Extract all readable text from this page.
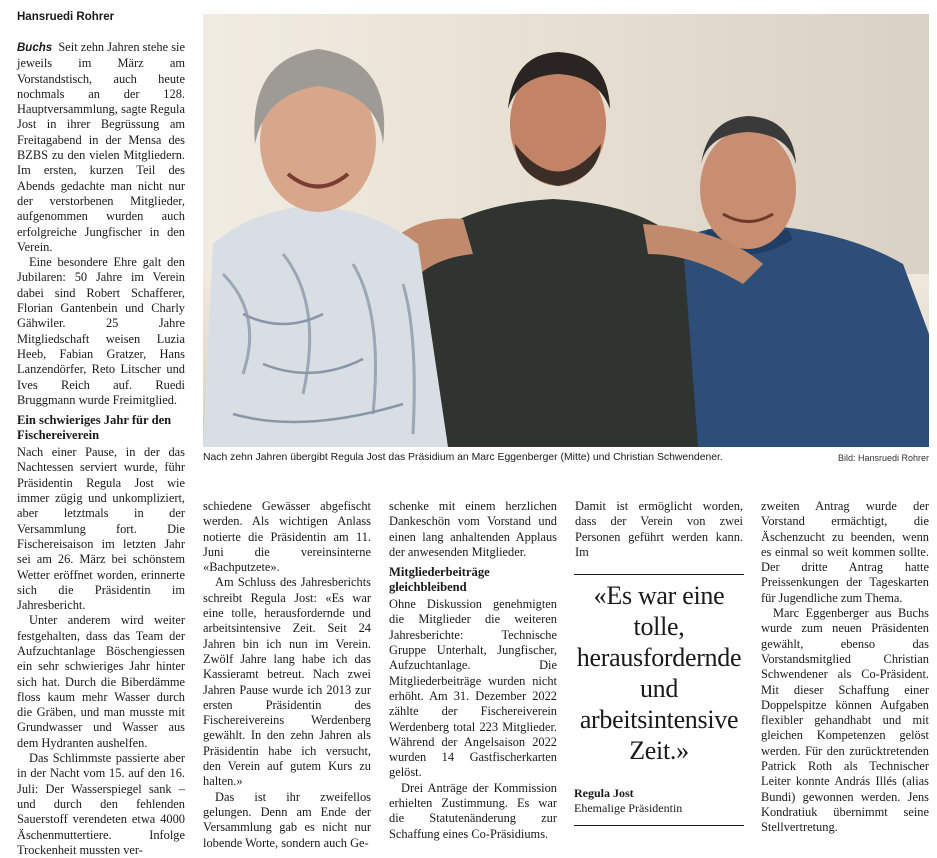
Hansruedi Rohrer

Buchs Seit zehn Jahren stehe sie jeweils im März am Vorstandstisch, auch heute nochmals an der 128. Hauptversammlung, sagte Regula Jost in ihrer Begrüssung am Freitagabend in der Mensa des BZBS zu den vielen Mitgliedern. Im ersten, kurzen Teil des Abends gedachte man nicht nur der verstorbenen Mitglieder, aufgenommen wurden auch erfolgreiche Jungfischer in den Verein.

Eine besondere Ehre galt den Jubilaren: 50 Jahre im Verein dabei sind Robert Schafferer, Florian Gantenbein und Charly Gähwiler. 25 Jahre Mitgliedschaft weisen Luzia Heeb, Fabian Gratzer, Hans Lanzendörfer, Reto Litscher und Ives Reich auf. Ruedi Bruggmann wurde Freimitglied.

Ein schwieriges Jahr für den Fischereiverein

Nach einer Pause, in der das Nachtessen serviert wurde, führ Präsidentin Regula Jost wie immer zügig und unkompliziert, aber letztmals in der Versammlung fort. Die Fischereisaison im letzten Jahr sei am 26. März bei schönstem Wetter eröffnet worden, erinnerte sich die Präsidentin im Jahresbericht.

Unter anderem wird weiter festgehalten, dass das Team der Aufzuchtanlage Böschengiessen ein sehr schwieriges Jahr hinter sich hat. Durch die Biberdämme floss kaum mehr Wasser durch die Gräben, und man musste mit Grundwasser und Wasser aus dem Hydranten aushelfen.

Das Schlimmste passierte aber in der Nacht vom 15. auf den 16. Juli: Der Wasserspiegel sank – und durch den fehlenden Sauerstoff verendeten etwa 4000 Äschenmuttertiere. Infolge Trockenheit mussten ver-

Nach zehn Jahren übergibt Regula Jost das Präsidium an Marc Eggenberger (Mitte) und Christian Schwendener.	Bild: Hansruedi Rohrer

schiedene Gewässer abgefischt werden. Als wichtigen Anlass notierte die Präsidentin am 11. Juni die vereinsinterne «Bachputzete».

Am Schluss des Jahresberichts schreibt Regula Jost: «Es war eine tolle, herausfordernde und arbeitsintensive Zeit. Seit 24 Jahren bin ich nun im Verein. Zwölf Jahre lang habe ich das Kassieramt betreut. Nach zwei Jahren Pause wurde ich 2013 zur ersten Präsidentin des Fischereivereins Werdenberg gewählt. In den zehn Jahren als Präsidentin habe ich versucht, den Verein auf gutem Kurs zu halten.»

Das ist ihr zweifellos gelungen. Denn am Ende der Versammlung gab es nicht nur lobende Worte, sondern auch Ge-

schenke mit einem herzlichen Dankeschön vom Vorstand und einen lang anhaltenden Applaus der anwesenden Mitglieder.

Mitgliederbeiträge gleichbleibend

Ohne Diskussion genehmigten die Mitglieder die weiteren Jahresberichte: Technische Gruppe Unterhalt, Jungfischer, Aufzuchtanlage. Die Mitgliederbeiträge wurden nicht erhöht. Am 31. Dezember 2022 zählte der Fischereiverein Werdenberg total 223 Mitglieder. Während der Angelsaison 2022 wurden 14 Gastfischerkarten gelöst.

Drei Anträge der Kommission erhielten Zustimmung. Es war die Statutenänderung zur Schaffung eines Co-Präsidiums.

Damit ist ermöglicht worden, dass der Verein von zwei Personen geführt werden kann. Im

«Es war eine tolle, herausfordernde und arbeitsintensive Zeit.»
Regula Jost
Ehemalige Präsidentin

zweiten Antrag wurde der Vorstand ermächtigt, die Äschenzucht zu beenden, wenn es einmal so weit kommen sollte. Der dritte Antrag hatte Preissenkungen der Tageskarten für Jugendliche zum Thema.

Marc Eggenberger aus Buchs wurde zum neuen Präsidenten gewählt, ebenso das Vorstandsmitglied Christian Schwendener als Co-Präsident. Mit dieser Schaffung einer Doppelspitze können Aufgaben flexibler gehandhabt und mit gleichen Kompetenzen gelöst werden. Für den zurücktretenden Patrick Roth als Technischer Leiter konnte András Illés (alias Bundi) gewonnen werden. Jens Kondratiuk übernimmt seine Stellvertretung.
